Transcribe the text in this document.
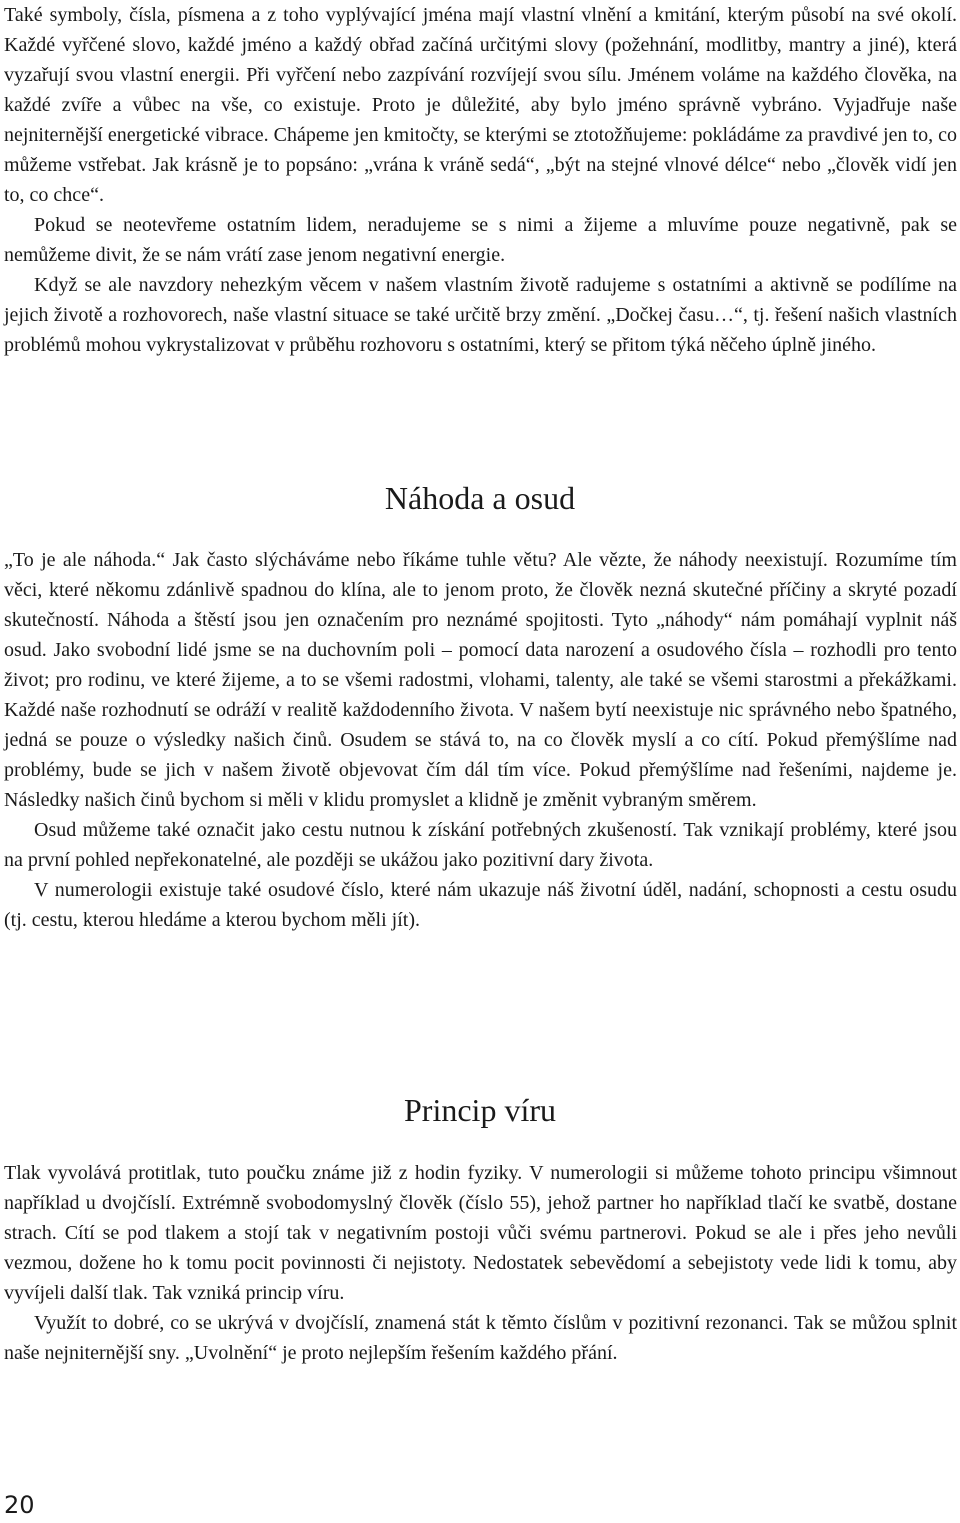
Také symboly, čísla, písmena a z toho vyplývající jména mají vlastní vlnění a kmitání, kterým působí na své okolí. Každé vyřčené slovo, každé jméno a každý obřad začíná určitými slovy (požehnání, modlitby, mantry a jiné), která vyzařují svou vlastní energii. Při vyřčení nebo zazpívání rozvíjejí svou sílu. Jménem voláme na každého člověka, na každé zvíře a vůbec na vše, co existuje. Proto je důležité, aby bylo jméno správně vybráno. Vyjadřuje naše nejniternější energetické vibrace. Chápeme jen kmitočty, se kterými se ztotožňujeme: pokládáme za pravdivé jen to, co můžeme vstřebat. Jak krásně je to popsáno: „vrána k vráně sedá“, „být na stejné vlnové délce“ nebo „člověk vidí jen to, co chce“.

Pokud se neotevřeme ostatním lidem, neradujeme se s nimi a žijeme a mluvíme pouze negativně, pak se nemůžeme divit, že se nám vrátí zase jenom negativní energie.

Když se ale navzdory nehezkým věcem v našem vlastním životě radujeme s ostatními a aktivně se podílíme na jejich životě a rozhovorech, naše vlastní situace se také určitě brzy změní. „Dočkej času…“, tj. řešení našich vlastních problémů mohou vykrystalizovat v průběhu rozhovoru s ostatními, který se přitom týká něčeho úplně jiného.

Náhoda a osud

„To je ale náhoda.“ Jak často slýcháváme nebo říkáme tuhle větu? Ale vězte, že náhody neexistují. Rozumíme tím věci, které někomu zdánlivě spadnou do klína, ale to jenom proto, že člověk nezná skutečné příčiny a skryté pozadí skutečností. Náhoda a štěstí jsou jen označením pro neznámé spojitosti. Tyto „náhody“ nám pomáhají vyplnit náš osud. Jako svobodní lidé jsme se na duchovním poli – pomocí data narození a osudového čísla – rozhodli pro tento život; pro rodinu, ve které žijeme, a to se všemi radostmi, vlohami, talenty, ale také se všemi starostmi a překážkami. Každé naše rozhodnutí se odráží v realitě každodenního života. V našem bytí neexistuje nic správného nebo špatného, jedná se pouze o výsledky našich činů. Osudem se stává to, na co člověk myslí a co cítí. Pokud přemýšlíme nad problémy, bude se jich v našem životě objevovat čím dál tím více. Pokud přemýšlíme nad řešeními, najdeme je. Následky našich činů bychom si měli v klidu promyslet a klidně je změnit vybraným směrem.

Osud můžeme také označit jako cestu nutnou k získání potřebných zkušeností. Tak vznikají problémy, které jsou na první pohled nepřekonatelné, ale později se ukážou jako pozitivní dary života.

V numerologii existuje také osudové číslo, které nám ukazuje náš životní úděl, nadání, schopnosti a cestu osudu (tj. cestu, kterou hledáme a kterou bychom měli jít).

Princip víru

Tlak vyvolává protitlak, tuto poučku známe již z hodin fyziky. V numerologii si můžeme tohoto principu všimnout například u dvojčíslí. Extrémně svobodomyslný člověk (číslo 55), jehož partner ho například tlačí ke svatbě, dostane strach. Cítí se pod tlakem a stojí tak v negativním postoji vůči svému partnerovi. Pokud se ale i přes jeho nevůli vezmou, dožene ho k tomu pocit povinnosti či nejistoty. Nedostatek sebevědomí a sebejistoty vede lidi k tomu, aby vyvíjeli další tlak. Tak vzniká princip víru.

Využít to dobré, co se ukrývá v dvojčíslí, znamená stát k těmto číslům v pozitivní rezonanci. Tak se můžou splnit naše nejniternější sny. „Uvolnění“ je proto nejlepším řešením každého přání.

20
